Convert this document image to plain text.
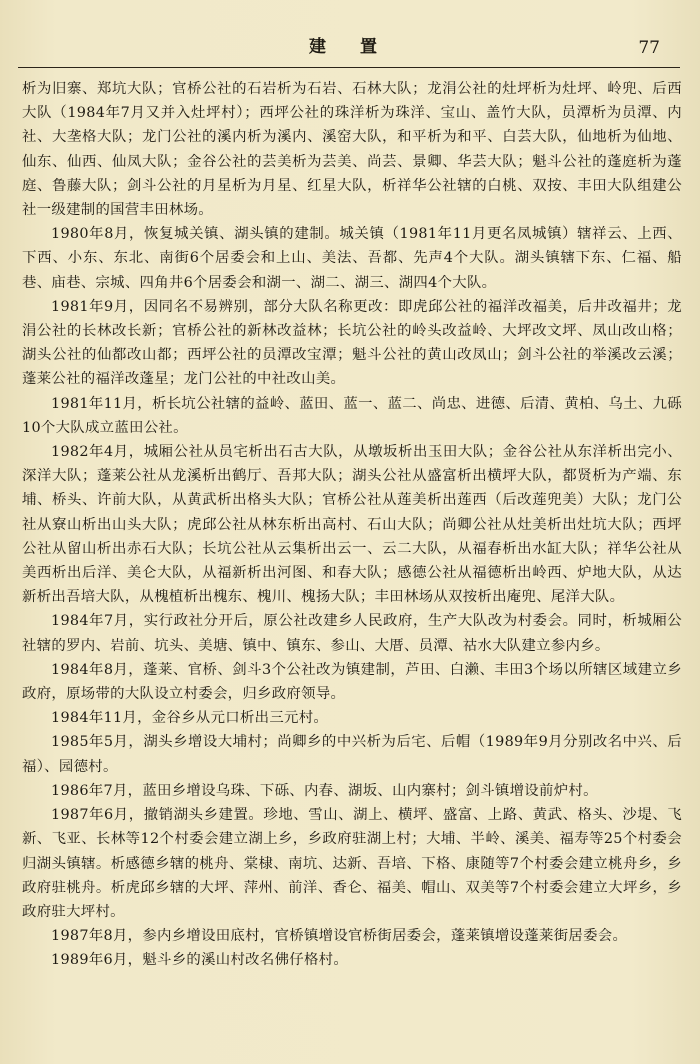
建 置	77

析为旧寨、郑坑大队；官桥公社的石岩析为石岩、石林大队；龙涓公社的灶坪析为灶坪、岭兜、后西大队（1984年7月又并入灶坪村）；西坪公社的珠洋析为珠洋、宝山、盖竹大队，员潭析为员潭、内社、大垄格大队；龙门公社的溪内析为溪内、溪窑大队，和平析为和平、白芸大队，仙地析为仙地、仙东、仙西、仙凤大队；金谷公社的芸美析为芸美、尚芸、景卿、华芸大队；魁斗公社的蓬庭析为蓬庭、鲁藤大队；剑斗公社的月星析为月星、红星大队，析祥华公社辖的白桃、双按、丰田大队组建公社一级建制的国营丰田林场。

1980年8月，恢复城关镇、湖头镇的建制。城关镇（1981年11月更名凤城镇）辖祥云、上西、下西、小东、东北、南街6个居委会和上山、美法、吾都、先声4个大队。湖头镇辖下东、仁福、船巷、庙巷、宗城、四角井6个居委会和湖一、湖二、湖三、湖四4个大队。

1981年9月，因同名不易辨别，部分大队名称更改：即虎邱公社的福洋改福美，后井改福井；龙涓公社的长林改长新；官桥公社的新林改益林；长坑公社的岭头改益岭、大坪改文坪、凤山改山格；湖头公社的仙都改山都；西坪公社的员潭改宝潭；魁斗公社的黄山改凤山；剑斗公社的举溪改云溪；蓬莱公社的福洋改蓬星；龙门公社的中社改山美。

1981年11月，析长坑公社辖的益岭、蓝田、蓝一、蓝二、尚忠、进德、后清、黄柏、乌土、九砾10个大队成立蓝田公社。

1982年4月，城厢公社从员宅析出石古大队，从墩坂析出玉田大队；金谷公社从东洋析出完小、深洋大队；蓬莱公社从龙溪析出鹤厅、吾邦大队；湖头公社从盛富析出横坪大队，都贤析为产端、东埔、桥头、许前大队，从黄武析出格头大队；官桥公社从莲美析出莲西（后改莲兜美）大队；龙门公社从寮山析出山头大队；虎邱公社从林东析出高村、石山大队；尚卿公社从灶美析出灶坑大队；西坪公社从留山析出赤石大队；长坑公社从云集析出云一、云二大队，从福春析出水缸大队；祥华公社从美西析出后洋、美仑大队，从福新析出河图、和春大队；感德公社从福德析出岭西、炉地大队，从达新析出吾培大队，从槐植析出槐东、槐川、槐扬大队；丰田林场从双按析出庵兜、尾洋大队。

1984年7月，实行政社分开后，原公社改建乡人民政府，生产大队改为村委会。同时，析城厢公社辖的罗内、岩前、坑头、美塘、镇中、镇东、参山、大厝、员潭、祜水大队建立参内乡。

1984年8月，蓬莱、官桥、剑斗3个公社改为镇建制，芦田、白濑、丰田3个场以所辖区域建立乡政府，原场带的大队设立村委会，归乡政府领导。

1984年11月，金谷乡从元口析出三元村。

1985年5月，湖头乡增设大埔村；尚卿乡的中兴析为后宅、后帽（1989年9月分别改名中兴、后福）、园德村。

1986年7月，蓝田乡增设乌珠、下砾、内春、湖坂、山内寨村；剑斗镇增设前炉村。

1987年6月，撤销湖头乡建置。珍地、雪山、湖上、横坪、盛富、上路、黄武、格头、沙堤、飞新、飞亚、长林等12个村委会建立湖上乡，乡政府驻湖上村；大埔、半岭、溪美、福寿等25个村委会归湖头镇辖。析感德乡辖的桃舟、棠棣、南坑、达新、吾培、下格、康随等7个村委会建立桃舟乡，乡政府驻桃舟。析虎邱乡辖的大坪、萍州、前洋、香仑、福美、帽山、双美等7个村委会建立大坪乡，乡政府驻大坪村。

1987年8月，参内乡增设田底村，官桥镇增设官桥街居委会，蓬莱镇增设蓬莱街居委会。

1989年6月，魁斗乡的溪山村改名佛仔格村。
